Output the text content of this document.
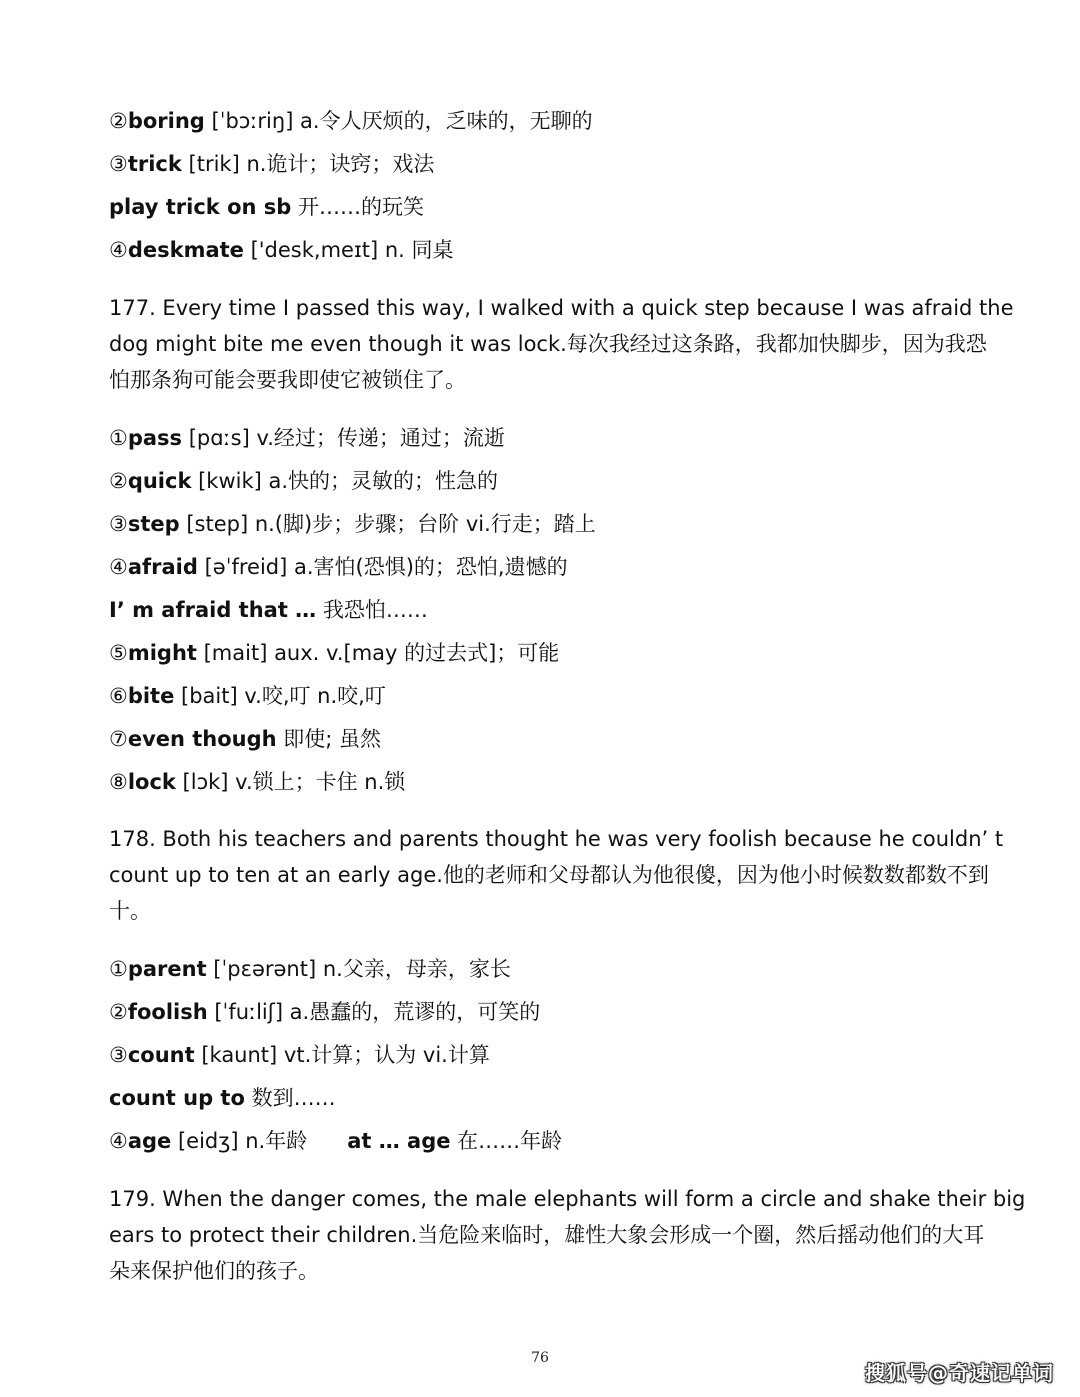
②boring [ˈbɔːriŋ] a.令人厌烦的，乏味的，无聊的
③trick [trik] n.诡计；诀窍；戏法
play trick on sb 开……的玩笑
④deskmate ['desk,meɪt] n. 同桌
177. Every time I passed this way, I walked with a quick step because I was afraid the
dog might bite me even though it was lock.每次我经过这条路，我都加快脚步，因为我恐
怕那条狗可能会要我即使它被锁住了。
①pass [pɑːs] v.经过；传递；通过；流逝
②quick [kwik] a.快的；灵敏的；性急的
③step [step] n.(脚)步；步骤；台阶 vi.行走；踏上
④afraid [əˈfreid] a.害怕(恐惧)的；恐怕,遗憾的
I’ m afraid that … 我恐怕……
⑤might [mait] aux. v.[may 的过去式]；可能
⑥bite [bait] v.咬,叮 n.咬,叮
⑦even though 即使; 虽然
⑧lock [lɔk] v.锁上；卡住 n.锁
178. Both his teachers and parents thought he was very foolish because he couldn’ t
count up to ten at an early age.他的老师和父母都认为他很傻，因为他小时候数数都数不到
十。
①parent [ˈpɛərənt] n.父亲，母亲，家长
②foolish [ˈfuːliʃ] a.愚蠢的，荒谬的，可笑的
③count [kaunt] vt.计算；认为 vi.计算
count up to 数到……
④age [eidʒ] n.年龄 at … age 在……年龄
179. When the danger comes, the male elephants will form a circle and shake their big
ears to protect their children.当危险来临时，雄性大象会形成一个圈，然后摇动他们的大耳
朵来保护他们的孩子。
76
搜狐号@奇速记单词
